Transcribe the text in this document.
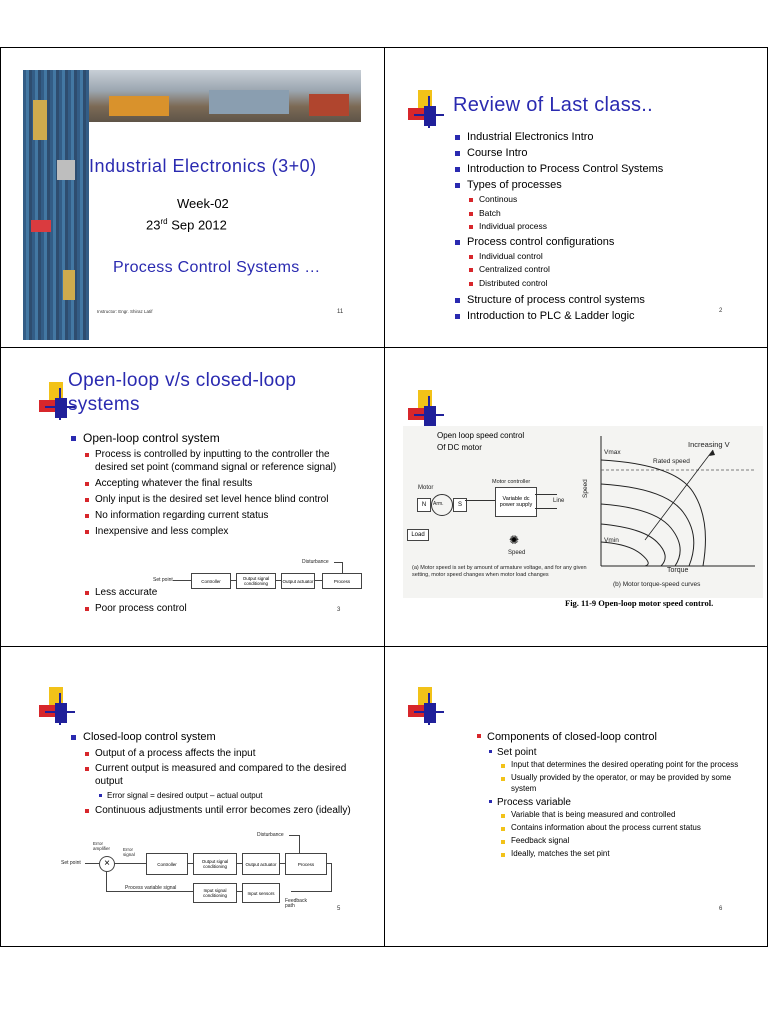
Industrial Electronics (3+0)
Week-02
23rd Sep 2012
Process Control Systems …
Instructor: Engr. Shiraz Latif	11
Review of Last class..
Industrial Electronics Intro
Course Intro
Introduction to Process Control Systems
Types of processes
Continous
Batch
Individual process
Process control configurations
Individual control
Centralized control
Distributed control
Structure of process control systems
Introduction to PLC & Ladder logic	2
Open-loop v/s closed-loop
systems
Open-loop control system
Process is controlled by inputting to the controller the desired set point (command signal or reference signal)
Accepting whatever the final results
Only input is the desired set level hence blind control
No information regarding current status
Inexpensive and less complex
Disturbance
Set point	Controller	Output signal conditioning	Output actuator	Process
Less accurate
Poor process control	3
Open loop speed control
Of DC motor
Motor
N	Arm.	S
Motor controller
Variable dc power supply
Line
Load	✺
Speed
(a) Motor speed is set by amount of armature voltage, and for any given setting, motor speed changes when motor load changes
Vmax
Increasing V
Rated speed
Speed
Vmin
Torque
(b) Motor torque-speed curves
Fig. 11-9 Open-loop motor speed control.
Closed-loop control system
Output of a process affects the input
Current output is measured and compared to the desired output
Error signal = desired output – actual output
Continuous adjustments until error becomes zero (ideally)
Disturbance
Error amplifier	Error signal
Set point	×	Controller	Output signal conditioning	Output actuator	Process
Input sensors
Input signal conditioning
Process variable signal
Feedback path	5
Components of closed-loop control
Set point
Input that determines the desired operating point for the process
Usually provided by the operator, or may be provided by some system
Process variable
Variable that is being measured and controlled
Contains information about the process current status
Feedback signal
Ideally, matches the set pint
6
